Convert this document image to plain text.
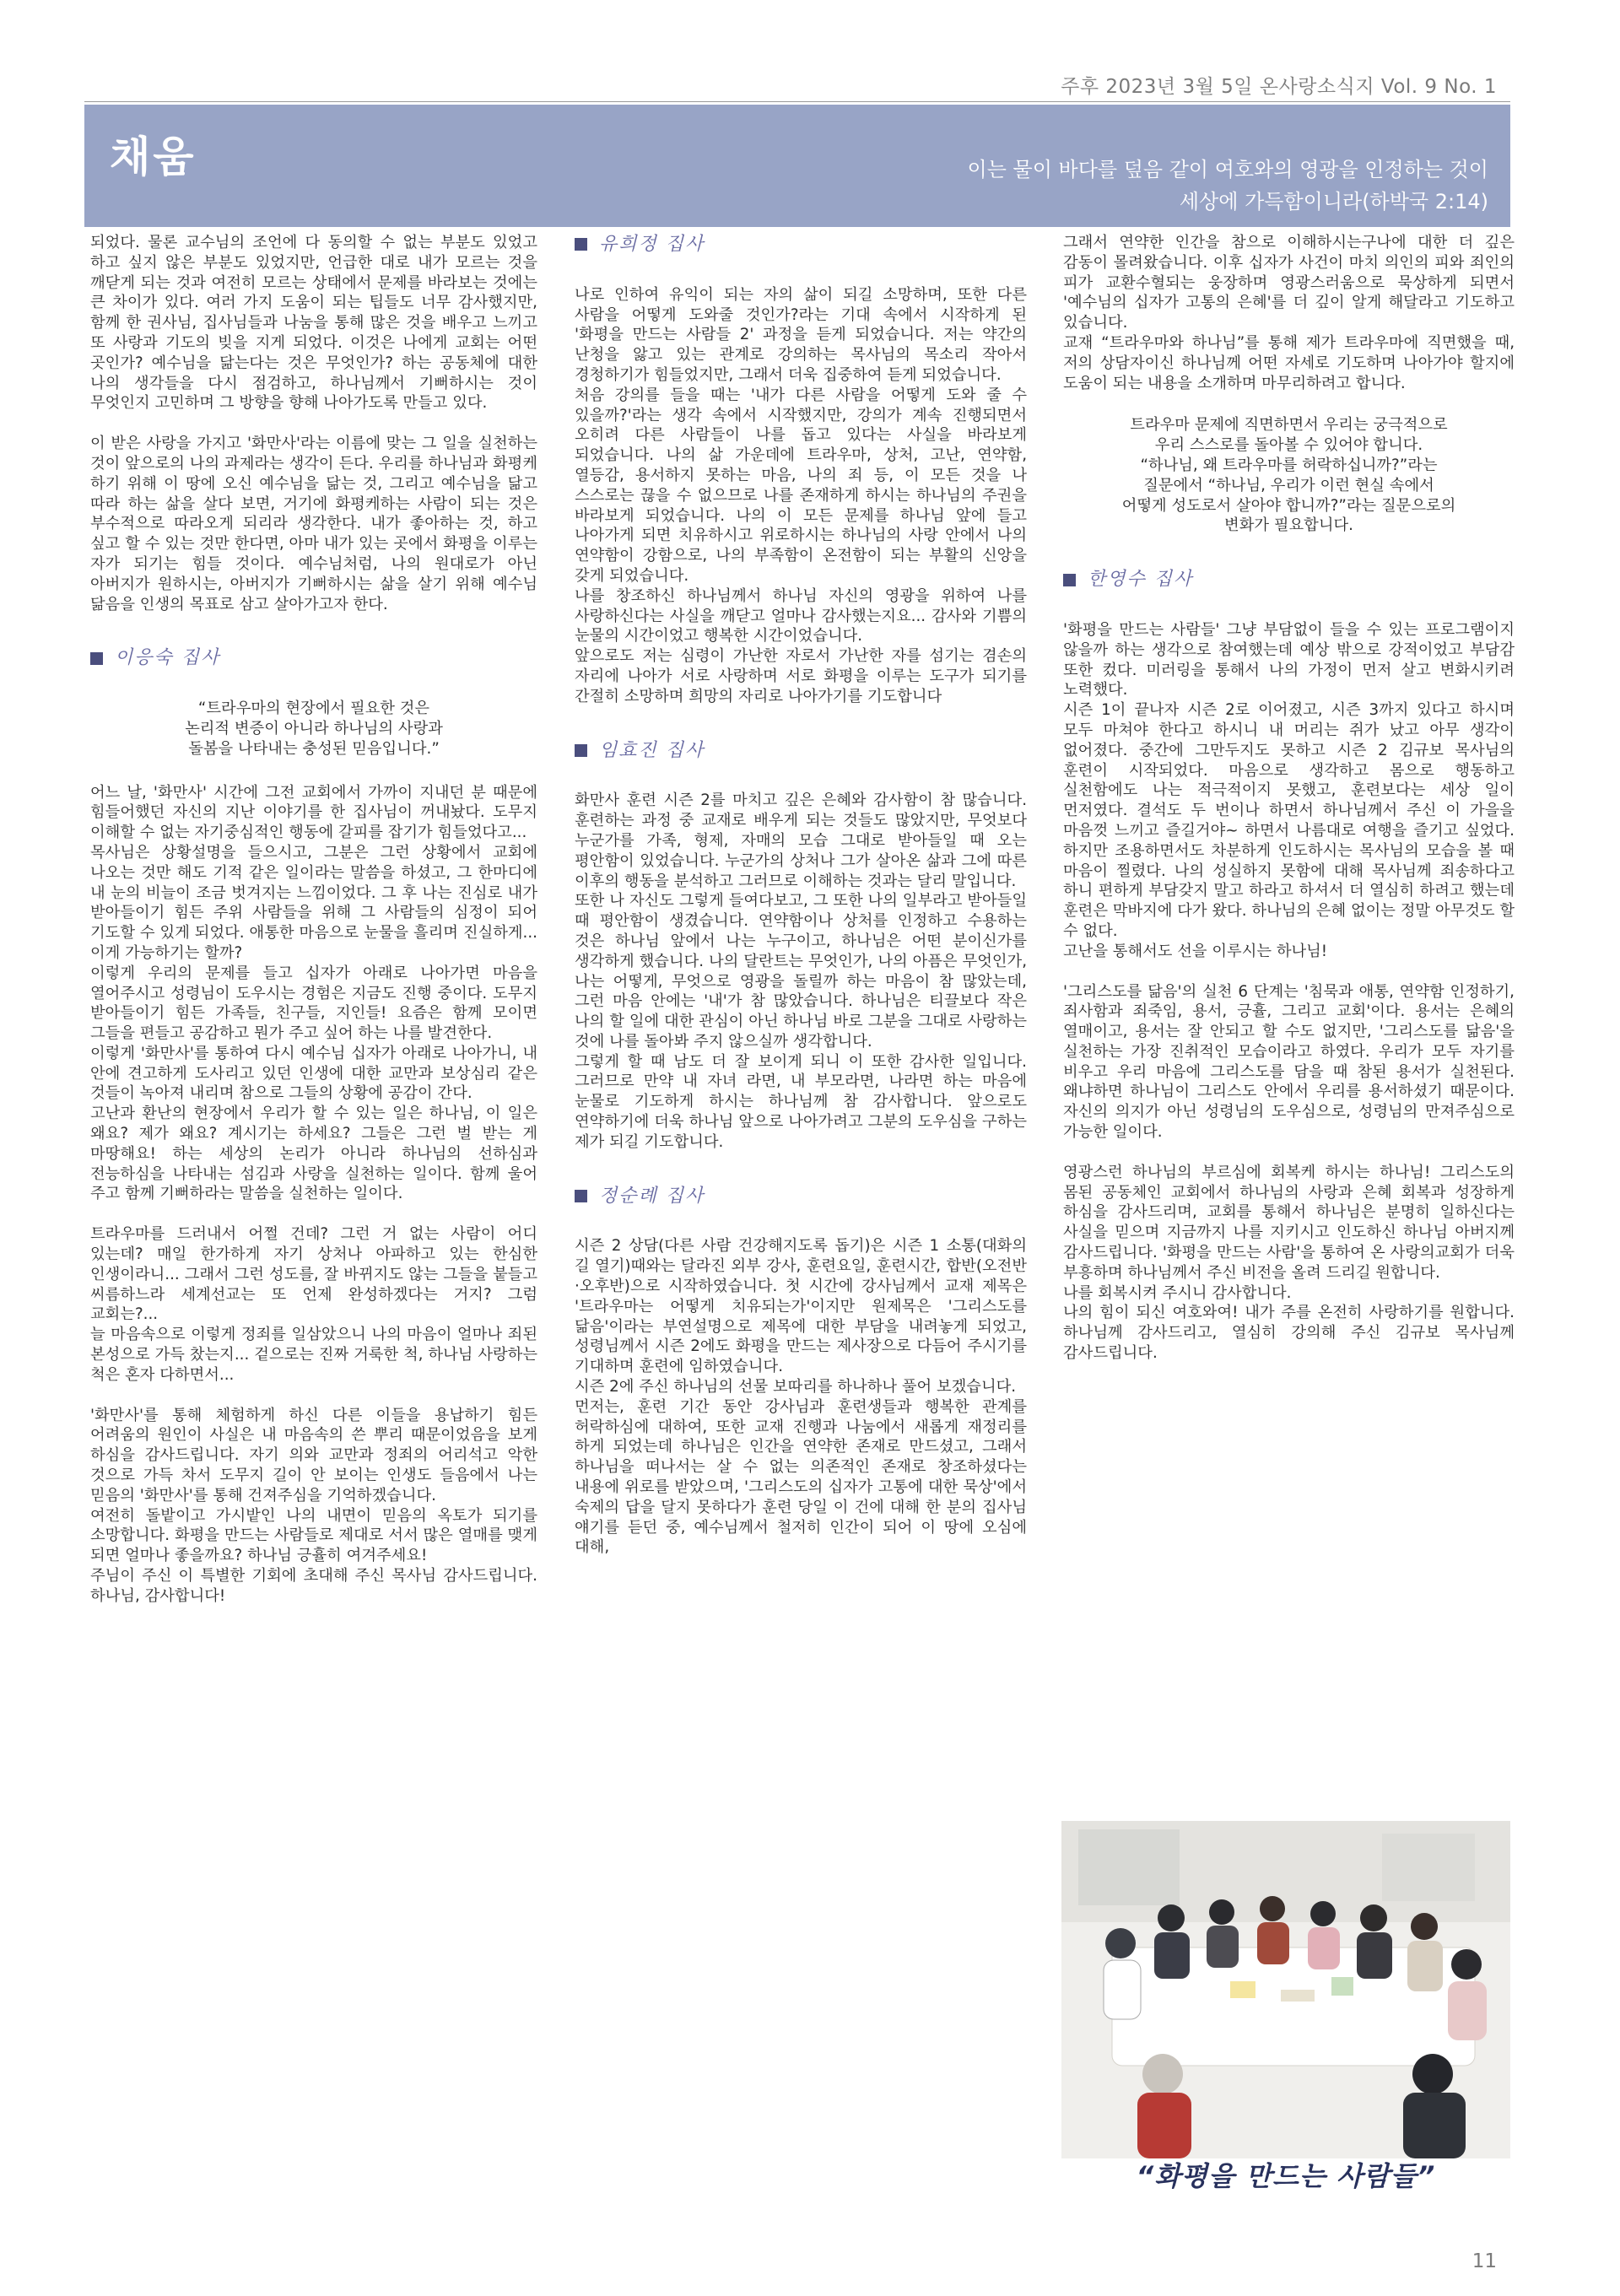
주후 2023년 3월 5일 온사랑소식지 Vol. 9 No. 1
채움	이는 물이 바다를 덮음 같이 여호와의 영광을 인정하는 것이
세상에 가득함이니라(하박국 2:14)

되었다. 물론 교수님의 조언에 다 동의할 수 없는 부분도 있었고 하고 싶지 않은 부분도 있었지만, 언급한 대로 내가 모르는 것을 깨닫게 되는 것과 여전히 모르는 상태에서 문제를 바라보는 것에는 큰 차이가 있다. 여러 가지 도움이 되는 팁들도 너무 감사했지만, 함께 한 권사님, 집사님들과 나눔을 통해 많은 것을 배우고 느끼고 또 사랑과 기도의 빚을 지게 되었다. 이것은 나에게 교회는 어떤 곳인가? 예수님을 닮는다는 것은 무엇인가? 하는 공동체에 대한 나의 생각들을 다시 점검하고, 하나님께서 기뻐하시는 것이 무엇인지 고민하며 그 방향을 향해 나아가도록 만들고 있다.

이 받은 사랑을 가지고 '화만사'라는 이름에 맞는 그 일을 실천하는 것이 앞으로의 나의 과제라는 생각이 든다. 우리를 하나님과 화평케 하기 위해 이 땅에 오신 예수님을 닮는 것, 그리고 예수님을 닮고 따라 하는 삶을 살다 보면, 거기에 화평케하는 사람이 되는 것은 부수적으로 따라오게 되리라 생각한다. 내가 좋아하는 것, 하고 싶고 할 수 있는 것만 한다면, 아마 내가 있는 곳에서 화평을 이루는 자가 되기는 힘들 것이다. 예수님처럼, 나의 원대로가 아닌 아버지가 원하시는, 아버지가 기뻐하시는 삶을 살기 위해 예수님 닮음을 인생의 목표로 삼고 살아가고자 한다.

이응숙 집사
“트라우마의 현장에서 필요한 것은
논리적 변증이 아니라 하나님의 사랑과
돌봄을 나타내는 충성된 믿음입니다.”

어느 날, '화만사' 시간에 그전 교회에서 가까이 지내던 분 때문에 힘들어했던 자신의 지난 이야기를 한 집사님이 꺼내놨다. 도무지 이해할 수 없는 자기중심적인 행동에 갈피를 잡기가 힘들었다고...

목사님은 상황설명을 들으시고, 그분은 그런 상황에서 교회에 나오는 것만 해도 기적 같은 일이라는 말씀을 하셨고, 그 한마디에 내 눈의 비늘이 조금 벗겨지는 느낌이었다. 그 후 나는 진심로 내가 받아들이기 힘든 주위 사람들을 위해 그 사람들의 심정이 되어 기도할 수 있게 되었다. 애통한 마음으로 눈물을 흘리며 진실하게... 이게 가능하기는 할까?

이렇게 우리의 문제를 들고 십자가 아래로 나아가면 마음을 열어주시고 성령님이 도우시는 경험은 지금도 진행 중이다. 도무지 받아들이기 힘든 가족들, 친구들, 지인들! 요즘은 함께 모이면 그들을 편들고 공감하고 뭔가 주고 싶어 하는 나를 발견한다.

이렇게 '화만사'를 통하여 다시 예수님 십자가 아래로 나아가니, 내 안에 견고하게 도사리고 있던 인생에 대한 교만과 보상심리 같은 것들이 녹아져 내리며 참으로 그들의 상황에 공감이 간다.

고난과 환난의 현장에서 우리가 할 수 있는 일은 하나님, 이 일은 왜요? 제가 왜요? 계시기는 하세요? 그들은 그런 벌 받는 게 마땅해요! 하는 세상의 논리가 아니라 하나님의 선하심과 전능하심을 나타내는 섬김과 사랑을 실천하는 일이다. 함께 울어 주고 함께 기뻐하라는 말씀을 실천하는 일이다.

트라우마를 드러내서 어쩔 건데? 그런 거 없는 사람이 어디 있는데? 매일 한가하게 자기 상처나 아파하고 있는 한심한 인생이라니... 그래서 그런 성도를, 잘 바뀌지도 않는 그들을 붙들고 씨름하느라 세계선교는 또 언제 완성하겠다는 거지? 그럼 교회는?...

늘 마음속으로 이렇게 정죄를 일삼았으니 나의 마음이 얼마나 죄된 본성으로 가득 찼는지... 겉으로는 진짜 거룩한 척, 하나님 사랑하는 척은 혼자 다하면서...

'화만사'를 통해 체험하게 하신 다른 이들을 용납하기 힘든 어려움의 원인이 사실은 내 마음속의 쓴 뿌리 때문이었음을 보게 하심을 감사드립니다. 자기 의와 교만과 정죄의 어리석고 악한 것으로 가득 차서 도무지 길이 안 보이는 인생도 들음에서 나는 믿음의 '화만사'를 통해 건져주심을 기억하겠습니다.

여전히 돌밭이고 가시밭인 나의 내면이 믿음의 옥토가 되기를 소망합니다. 화평을 만드는 사람들로 제대로 서서 많은 열매를 맺게 되면 얼마나 좋을까요? 하나님 긍휼히 여겨주세요!

주님이 주신 이 특별한 기회에 초대해 주신 목사님 감사드립니다. 하나님, 감사합니다!

유희정 집사

나로 인하여 유익이 되는 자의 삶이 되길 소망하며, 또한 다른 사람을 어떻게 도와줄 것인가?라는 기대 속에서 시작하게 된 '화평을 만드는 사람들 2' 과정을 듣게 되었습니다. 저는 약간의 난청을 앓고 있는 관계로 강의하는 목사님의 목소리 작아서 경청하기가 힘들었지만, 그래서 더욱 집중하여 듣게 되었습니다.

처음 강의를 들을 때는 '내가 다른 사람을 어떻게 도와 줄 수 있을까?'라는 생각 속에서 시작했지만, 강의가 계속 진행되면서 오히려 다른 사람들이 나를 돕고 있다는 사실을 바라보게 되었습니다. 나의 삶 가운데에 트라우마, 상처, 고난, 연약함, 열등감, 용서하지 못하는 마음, 나의 죄 등, 이 모든 것을 나 스스로는 끊을 수 없으므로 나를 존재하게 하시는 하나님의 주권을 바라보게 되었습니다. 나의 이 모든 문제를 하나님 앞에 들고 나아가게 되면 치유하시고 위로하시는 하나님의 사랑 안에서 나의 연약함이 강함으로, 나의 부족함이 온전함이 되는 부활의 신앙을 갖게 되었습니다.

나를 창조하신 하나님께서 하나님 자신의 영광을 위하여 나를 사랑하신다는 사실을 깨닫고 얼마나 감사했는지요... 감사와 기쁨의 눈물의 시간이었고 행복한 시간이었습니다.

앞으로도 저는 심령이 가난한 자로서 가난한 자를 섬기는 겸손의 자리에 나아가 서로 사랑하며 서로 화평을 이루는 도구가 되기를 간절히 소망하며 희망의 자리로 나아가기를 기도합니다

임효진 집사

화만사 훈련 시즌 2를 마치고 깊은 은혜와 감사함이 참 많습니다. 훈련하는 과정 중 교재로 배우게 되는 것들도 많았지만, 무엇보다 누군가를 가족, 형제, 자매의 모습 그대로 받아들일 때 오는 평안함이 있었습니다. 누군가의 상처나 그가 살아온 삶과 그에 따른 이후의 행동을 분석하고 그러므로 이해하는 것과는 달리 말입니다.

또한 나 자신도 그렇게 들여다보고, 그 또한 나의 일부라고 받아들일 때 평안함이 생겼습니다. 연약함이나 상처를 인정하고 수용하는 것은 하나님 앞에서 나는 누구이고, 하나님은 어떤 분이신가를 생각하게 했습니다. 나의 달란트는 무엇인가, 나의 아픔은 무엇인가, 나는 어떻게, 무엇으로 영광을 돌릴까 하는 마음이 참 많았는데, 그런 마음 안에는 '내'가 참 많았습니다. 하나님은 티끌보다 작은 나의 할 일에 대한 관심이 아닌 하나님 바로 그분을 그대로 사랑하는 것에 나를 돌아봐 주지 않으실까 생각합니다.

그렇게 할 때 남도 더 잘 보이게 되니 이 또한 감사한 일입니다. 그러므로 만약 내 자녀 라면, 내 부모라면, 나라면 하는 마음에 눈물로 기도하게 하시는 하나님께 참 감사합니다. 앞으로도 연약하기에 더욱 하나님 앞으로 나아가려고 그분의 도우심을 구하는 제가 되길 기도합니다.

정순례 집사

시즌 2 상담(다른 사람 건강해지도록 돕기)은 시즌 1 소통(대화의 길 열기)때와는 달라진 외부 강사, 훈련요일, 훈련시간, 합반(오전반·오후반)으로 시작하였습니다. 첫 시간에 강사님께서 교재 제목은 '트라우마는 어떻게 치유되는가'이지만 원제목은 '그리스도를 닮음'이라는 부연설명으로 제목에 대한 부담을 내려놓게 되었고, 성령님께서 시즌 2에도 화평을 만드는 제사장으로 다듬어 주시기를 기대하며 훈련에 임하였습니다.

시즌 2에 주신 하나님의 선물 보따리를 하나하나 풀어 보겠습니다.

먼저는, 훈련 기간 동안 강사님과 훈련생들과 행복한 관계를 허락하심에 대하여, 또한 교재 진행과 나눔에서 새롭게 재정리를 하게 되었는데 하나님은 인간을 연약한 존재로 만드셨고, 그래서 하나님을 떠나서는 살 수 없는 의존적인 존재로 창조하셨다는 내용에 위로를 받았으며, '그리스도의 십자가 고통에 대한 묵상'에서 숙제의 답을 달지 못하다가 훈련 당일 이 건에 대해 한 분의 집사님 얘기를 듣던 중, 예수님께서 철저히 인간이 되어 이 땅에 오심에 대해,

그래서 연약한 인간을 참으로 이해하시는구나에 대한 더 깊은 감동이 몰려왔습니다. 이후 십자가 사건이 마치 의인의 피와 죄인의 피가 교환수혈되는 웅장하며 영광스러움으로 묵상하게 되면서 '예수님의 십자가 고통의 은혜'를 더 깊이 알게 해달라고 기도하고 있습니다.

교재 “트라우마와 하나님”를 통해 제가 트라우마에 직면했을 때, 저의 상담자이신 하나님께 어떤 자세로 기도하며 나아가야 할지에 도움이 되는 내용을 소개하며 마무리하려고 합니다.

트라우마 문제에 직면하면서 우리는 궁극적으로
우리 스스로를 돌아볼 수 있어야 합니다.
“하나님, 왜 트라우마를 허락하십니까?”라는
질문에서 “하나님, 우리가 이런 현실 속에서
어떻게 성도로서 살아야 합니까?”라는 질문으로의
변화가 필요합니다.
한영수 집사

'화평을 만드는 사람들' 그냥 부담없이 들을 수 있는 프로그램이지 않을까 하는 생각으로 참여했는데 예상 밖으로 강적이었고 부담감 또한 컸다. 미러링을 통해서 나의 가정이 먼저 살고 변화시키려 노력했다.

시즌 1이 끝나자 시즌 2로 이어졌고, 시즌 3까지 있다고 하시며 모두 마쳐야 한다고 하시니 내 머리는 쥐가 났고 아무 생각이 없어졌다. 중간에 그만두지도 못하고 시즌 2 김규보 목사님의 훈련이 시작되었다. 마음으로 생각하고 몸으로 행동하고 실천함에도 나는 적극적이지 못했고, 훈련보다는 세상 일이 먼저였다. 결석도 두 번이나 하면서 하나님께서 주신 이 가을을 마음껏 느끼고 즐길거야~ 하면서 나름대로 여행을 즐기고 싶었다. 하지만 조용하면서도 차분하게 인도하시는 목사님의 모습을 볼 때 마음이 찔렸다. 나의 성실하지 못함에 대해 목사님께 죄송하다고 하니 편하게 부담갖지 말고 하라고 하셔서 더 열심히 하려고 했는데 훈련은 막바지에 다가 왔다. 하나님의 은혜 없이는 정말 아무것도 할 수 없다.

고난을 통해서도 선을 이루시는 하나님!

'그리스도를 닮음'의 실천 6 단계는 '침묵과 애통, 연약함 인정하기, 죄사함과 죄죽임, 용서, 긍휼, 그리고 교회'이다. 용서는 은혜의 열매이고, 용서는 잘 안되고 할 수도 없지만, '그리스도를 닮음'을 실천하는 가장 진취적인 모습이라고 하였다. 우리가 모두 자기를 비우고 우리 마음에 그리스도를 담을 때 참된 용서가 실천된다. 왜냐하면 하나님이 그리스도 안에서 우리를 용서하셨기 때문이다. 자신의 의지가 아닌 성령님의 도우심으로, 성령님의 만져주심으로 가능한 일이다.

영광스런 하나님의 부르심에 회복케 하시는 하나님! 그리스도의 몸된 공동체인 교회에서 하나님의 사랑과 은혜 회복과 성장하게 하심을 감사드리며, 교회를 통해서 하나님은 분명히 일하신다는 사실을 믿으며 지금까지 나를 지키시고 인도하신 하나님 아버지께 감사드립니다. '화평을 만드는 사람'을 통하여 온 사랑의교회가 더욱 부흥하며 하나님께서 주신 비전을 올려 드리길 원합니다.

나를 회복시켜 주시니 감사합니다.

나의 힘이 되신 여호와여! 내가 주를 온전히 사랑하기를 원합니다. 하나님께 감사드리고, 열심히 강의해 주신 김규보 목사님께 감사드립니다.

“화평을 만드는 사람들”
11
